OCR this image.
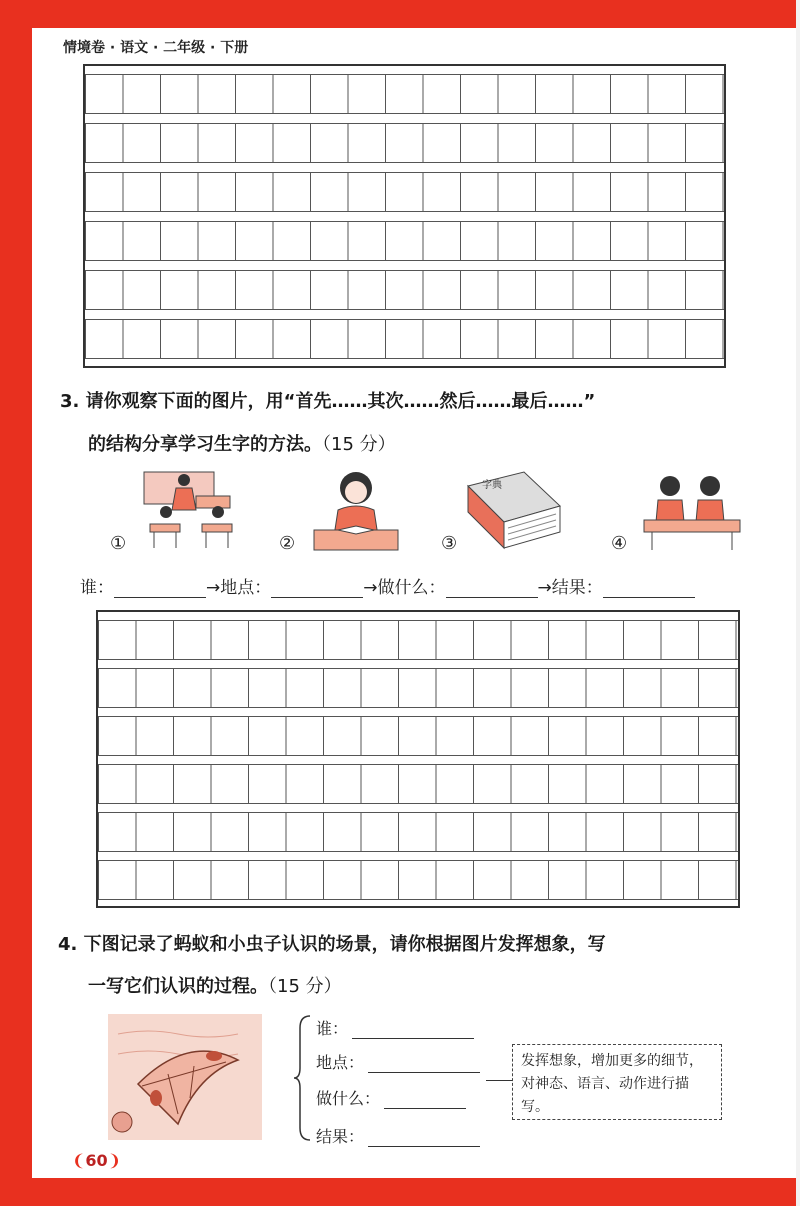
情境卷 · 语文 · 二年级 · 下册
3. 请你观察下面的图片，用“首先……其次……然后……最后……”
的结构分享学习生字的方法。（15 分）
①	②	③
字典
④
谁：	→地点：	→做什么：	→结果：
4. 下图记录了蚂蚁和小虫子认识的场景，请你根据图片发挥想象，写
一写它们认识的过程。（15 分）
谁：
地点：
做什么：
结果：
发挥想象，增加更多的细节，对神态、语言、动作进行描写。
❨60❩
